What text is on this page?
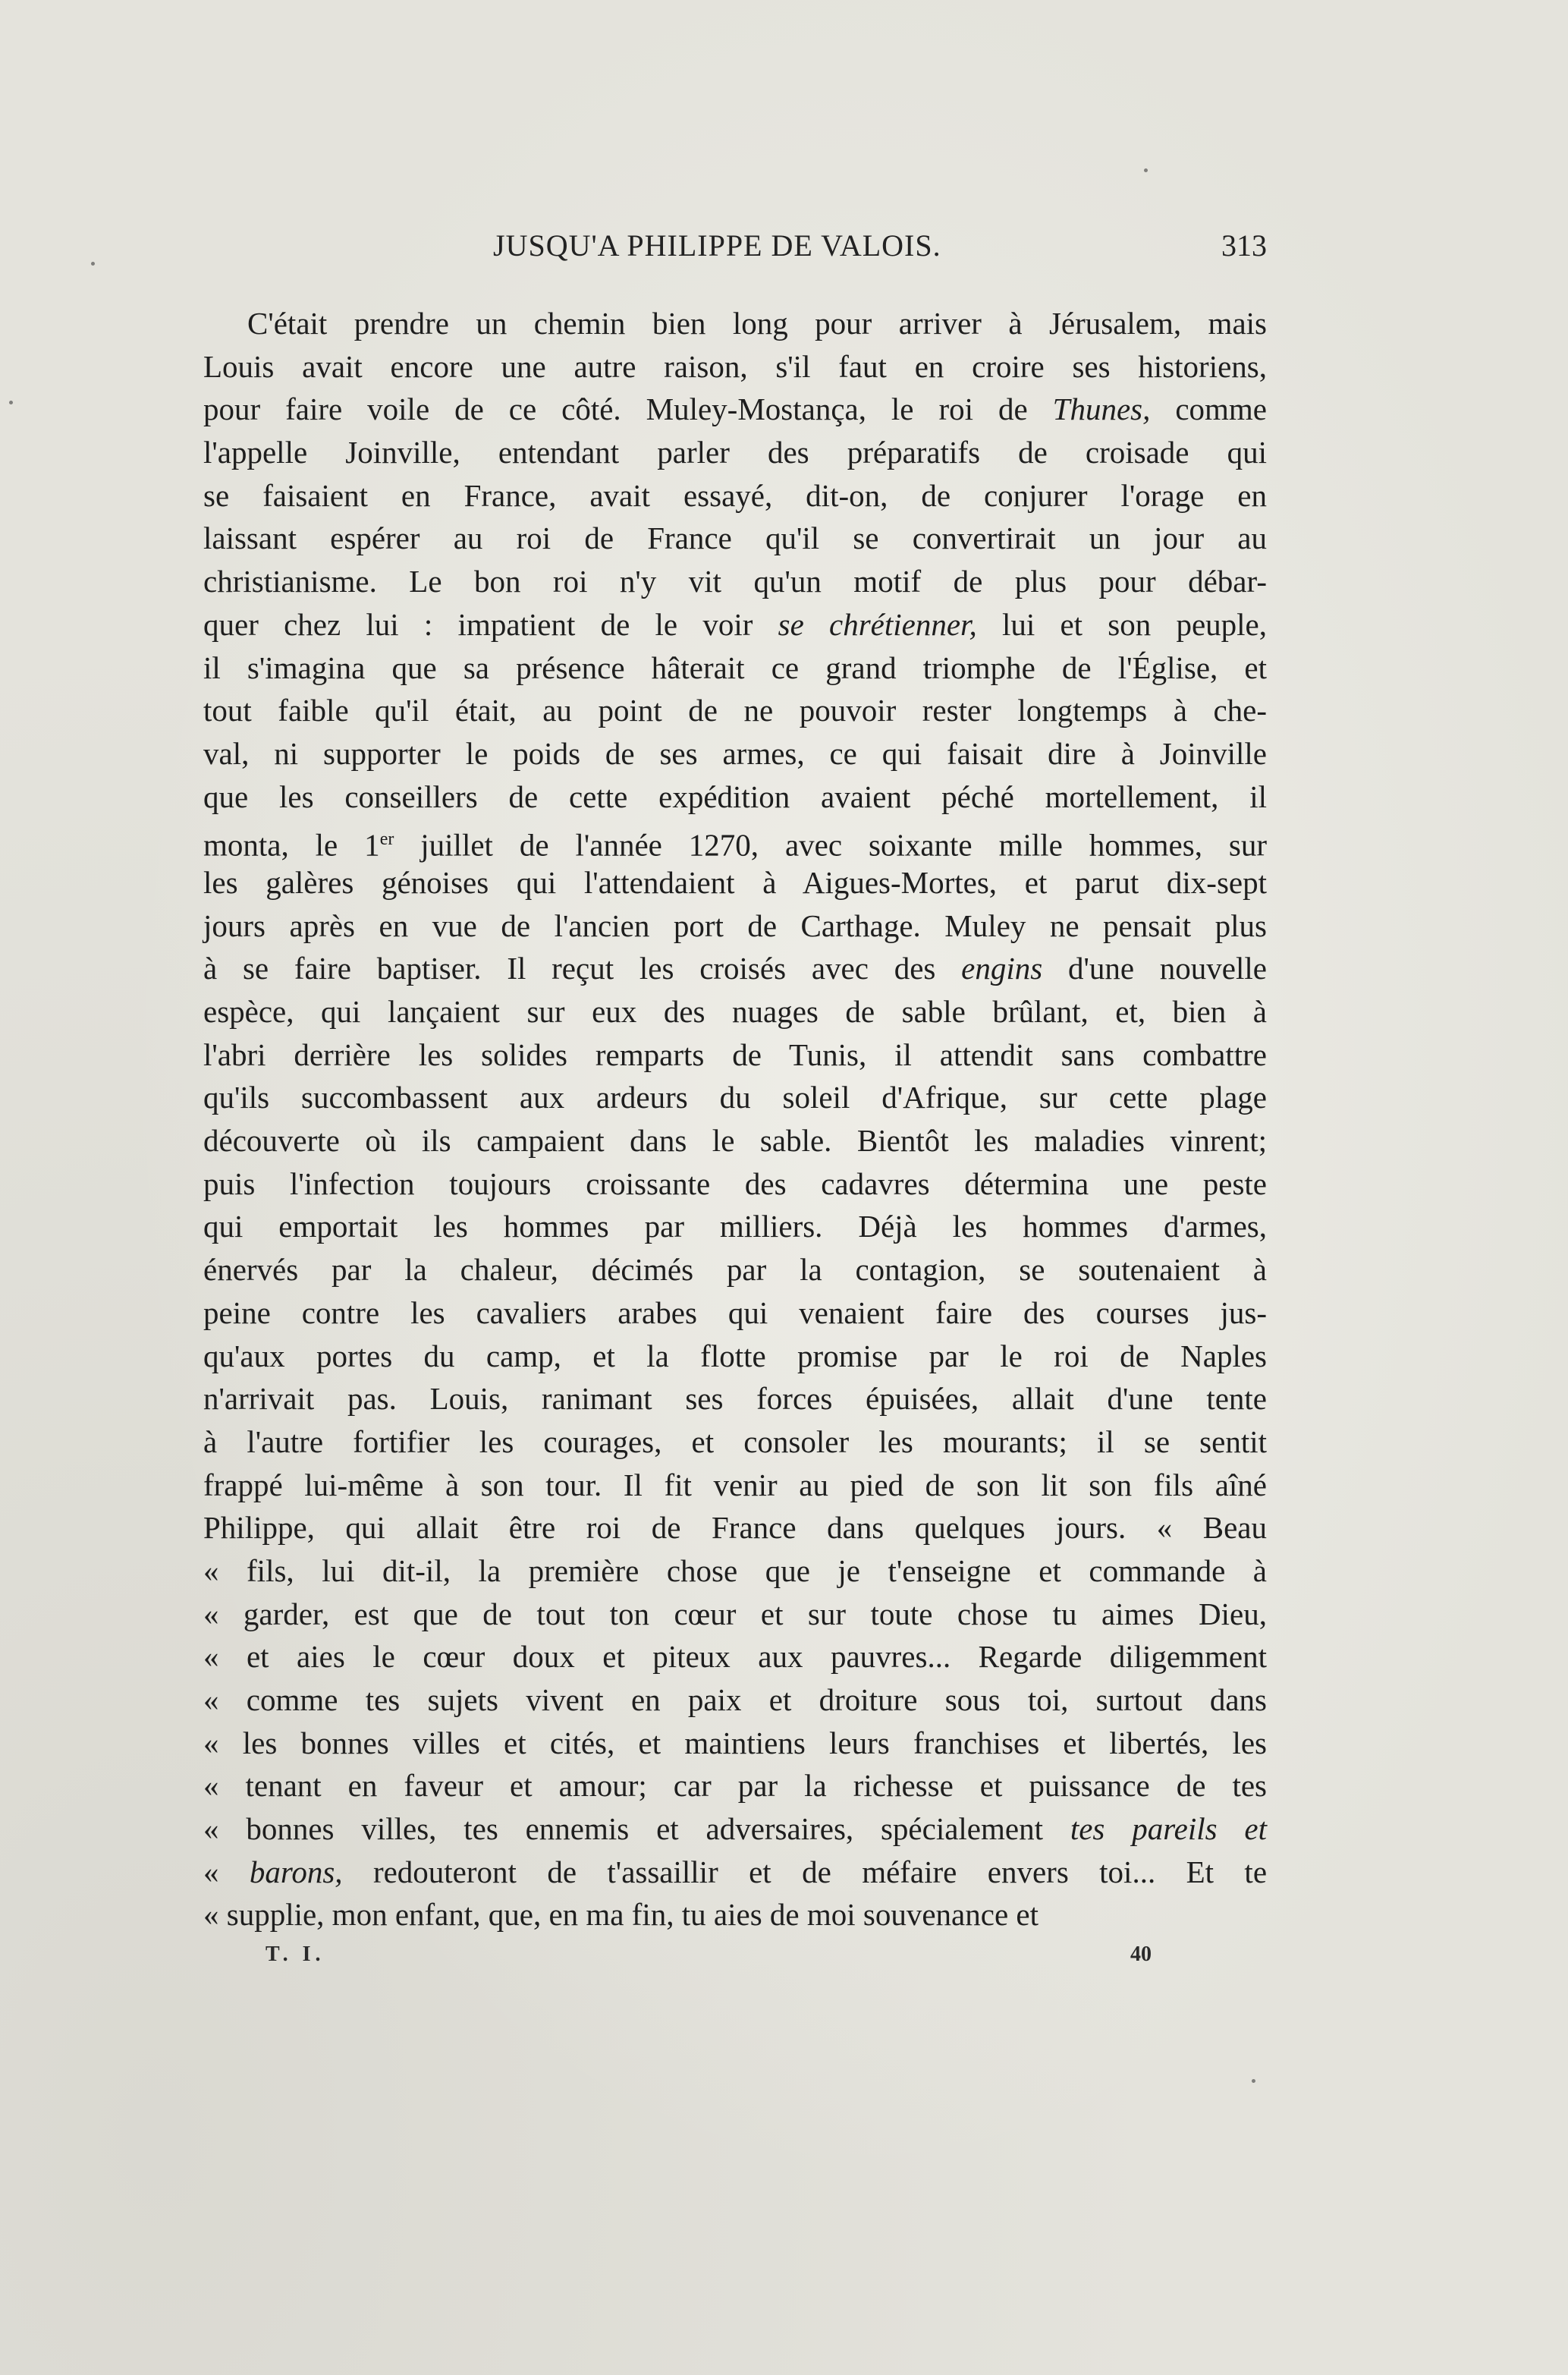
JUSQU'A PHILIPPE DE VALOIS.	313
C'était prendre un chemin bien long pour arriver à Jérusalem, mais
Louis avait encore une autre raison, s'il faut en croire ses historiens,
pour faire voile de ce côté. Muley-Mostança, le roi de Thunes, comme
l'appelle Joinville, entendant parler des préparatifs de croisade qui
se faisaient en France, avait essayé, dit-on, de conjurer l'orage en
laissant espérer au roi de France qu'il se convertirait un jour au
christianisme. Le bon roi n'y vit qu'un motif de plus pour débar-
quer chez lui : impatient de le voir se chrétienner, lui et son peuple,
il s'imagina que sa présence hâterait ce grand triomphe de l'Église, et
tout faible qu'il était, au point de ne pouvoir rester longtemps à che-
val, ni supporter le poids de ses armes, ce qui faisait dire à Joinville
que les conseillers de cette expédition avaient péché mortellement, il
monta, le 1er juillet de l'année 1270, avec soixante mille hommes, sur
les galères génoises qui l'attendaient à Aigues-Mortes, et parut dix-sept
jours après en vue de l'ancien port de Carthage. Muley ne pensait plus
à se faire baptiser. Il reçut les croisés avec des engins d'une nouvelle
espèce, qui lançaient sur eux des nuages de sable brûlant, et, bien à
l'abri derrière les solides remparts de Tunis, il attendit sans combattre
qu'ils succombassent aux ardeurs du soleil d'Afrique, sur cette plage
découverte où ils campaient dans le sable. Bientôt les maladies vinrent;
puis l'infection toujours croissante des cadavres détermina une peste
qui emportait les hommes par milliers. Déjà les hommes d'armes,
énervés par la chaleur, décimés par la contagion, se soutenaient à
peine contre les cavaliers arabes qui venaient faire des courses jus-
qu'aux portes du camp, et la flotte promise par le roi de Naples
n'arrivait pas. Louis, ranimant ses forces épuisées, allait d'une tente
à l'autre fortifier les courages, et consoler les mourants; il se sentit
frappé lui-même à son tour. Il fit venir au pied de son lit son fils aîné
Philippe, qui allait être roi de France dans quelques jours. « Beau
« fils, lui dit-il, la première chose que je t'enseigne et commande à
« garder, est que de tout ton cœur et sur toute chose tu aimes Dieu,
« et aies le cœur doux et piteux aux pauvres... Regarde diligemment
« comme tes sujets vivent en paix et droiture sous toi, surtout dans
« les bonnes villes et cités, et maintiens leurs franchises et libertés, les
« tenant en faveur et amour; car par la richesse et puissance de tes
« bonnes villes, tes ennemis et adversaires, spécialement tes pareils et
« barons, redouteront de t'assaillir et de méfaire envers toi... Et te
« supplie, mon enfant, que, en ma fin, tu aies de moi souvenance et
T. I.	40
